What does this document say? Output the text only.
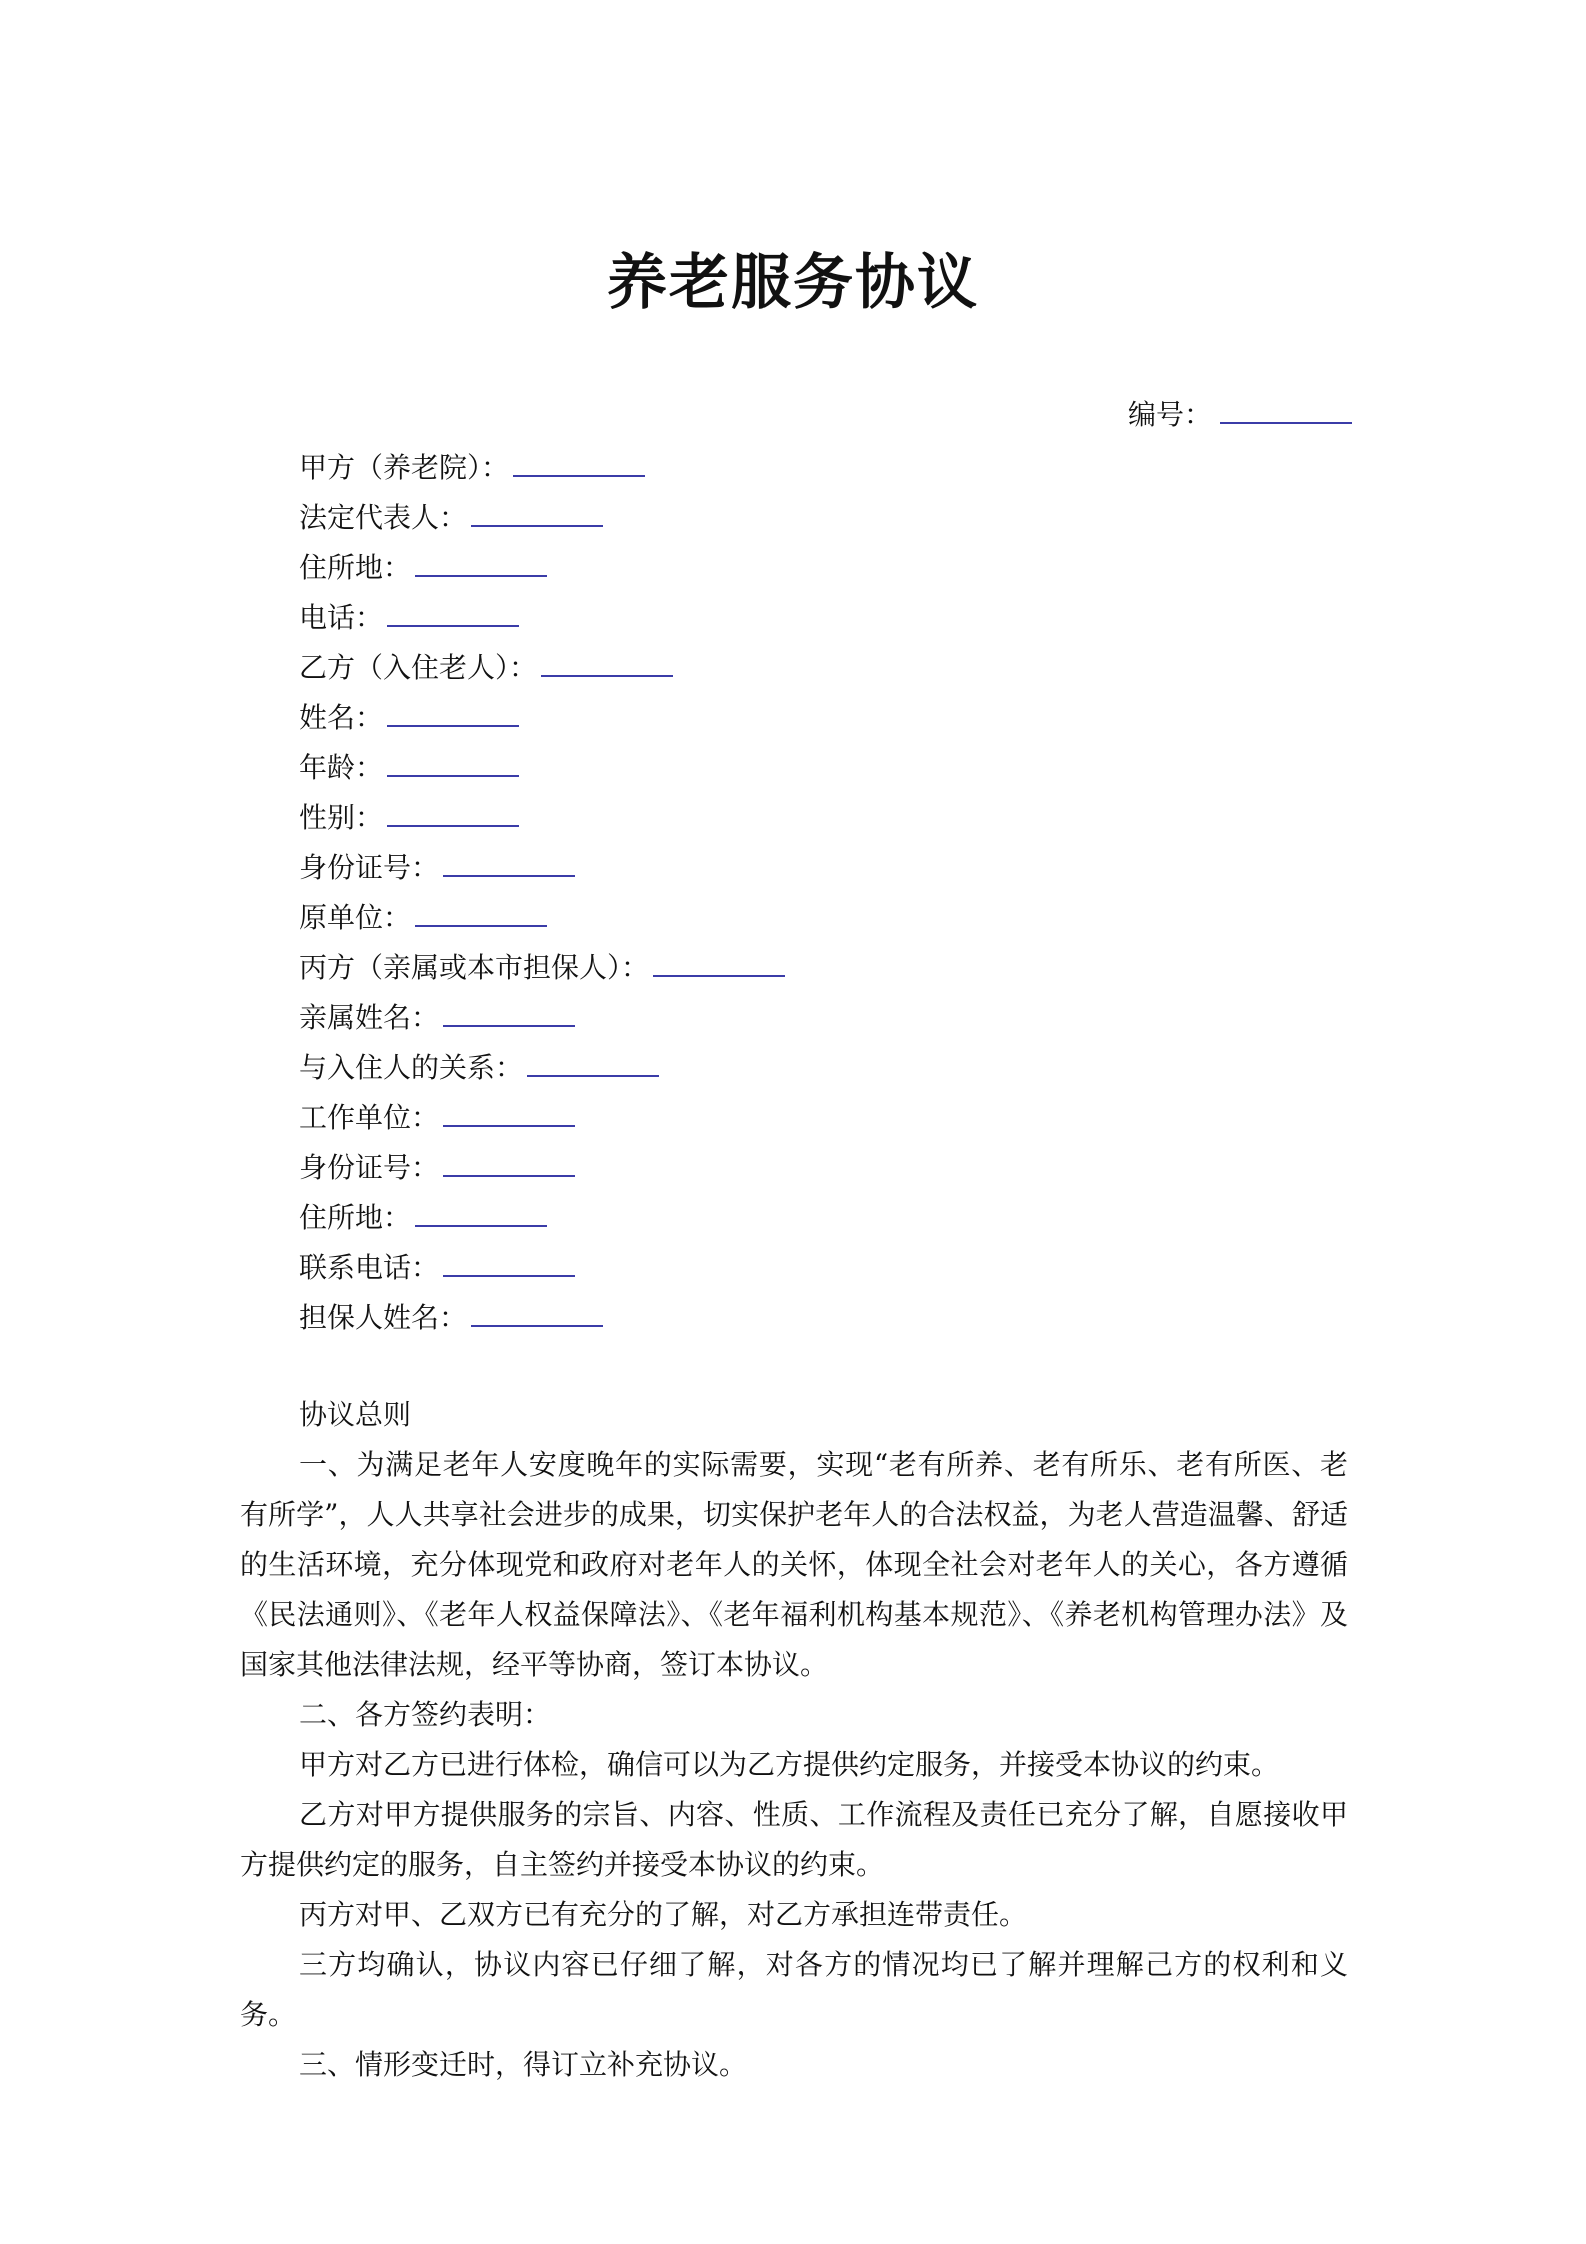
养老服务协议
编号：
甲方（养老院）：
法定代表人：
住所地：
电话：
乙方（入住老人）：
姓名：
年龄：
性别：
身份证号：
原单位：
丙方（亲属或本市担保人）：
亲属姓名：
与入住人的关系：
工作单位：
身份证号：
住所地：
联系电话：
担保人姓名：

协议总则

一、为满足老年人安度晚年的实际需要，实现“老有所养、老有所乐、老有所医、老有所学”，人人共享社会进步的成果，切实保护老年人的合法权益，为老人营造温馨、舒适的生活环境，充分体现党和政府对老年人的关怀，体现全社会对老年人的关心，各方遵循《民法通则》、《老年人权益保障法》、《老年福利机构基本规范》、《养老机构管理办法》及国家其他法律法规，经平等协商，签订本协议。

二、各方签约表明：

甲方对乙方已进行体检，确信可以为乙方提供约定服务，并接受本协议的约束。

乙方对甲方提供服务的宗旨、内容、性质、工作流程及责任已充分了解，自愿接收甲方提供约定的服务，自主签约并接受本协议的约束。

丙方对甲、乙双方已有充分的了解，对乙方承担连带责任。

三方均确认，协议内容已仔细了解，对各方的情况均已了解并理解己方的权利和义务。

三、情形变迁时，得订立补充协议。
